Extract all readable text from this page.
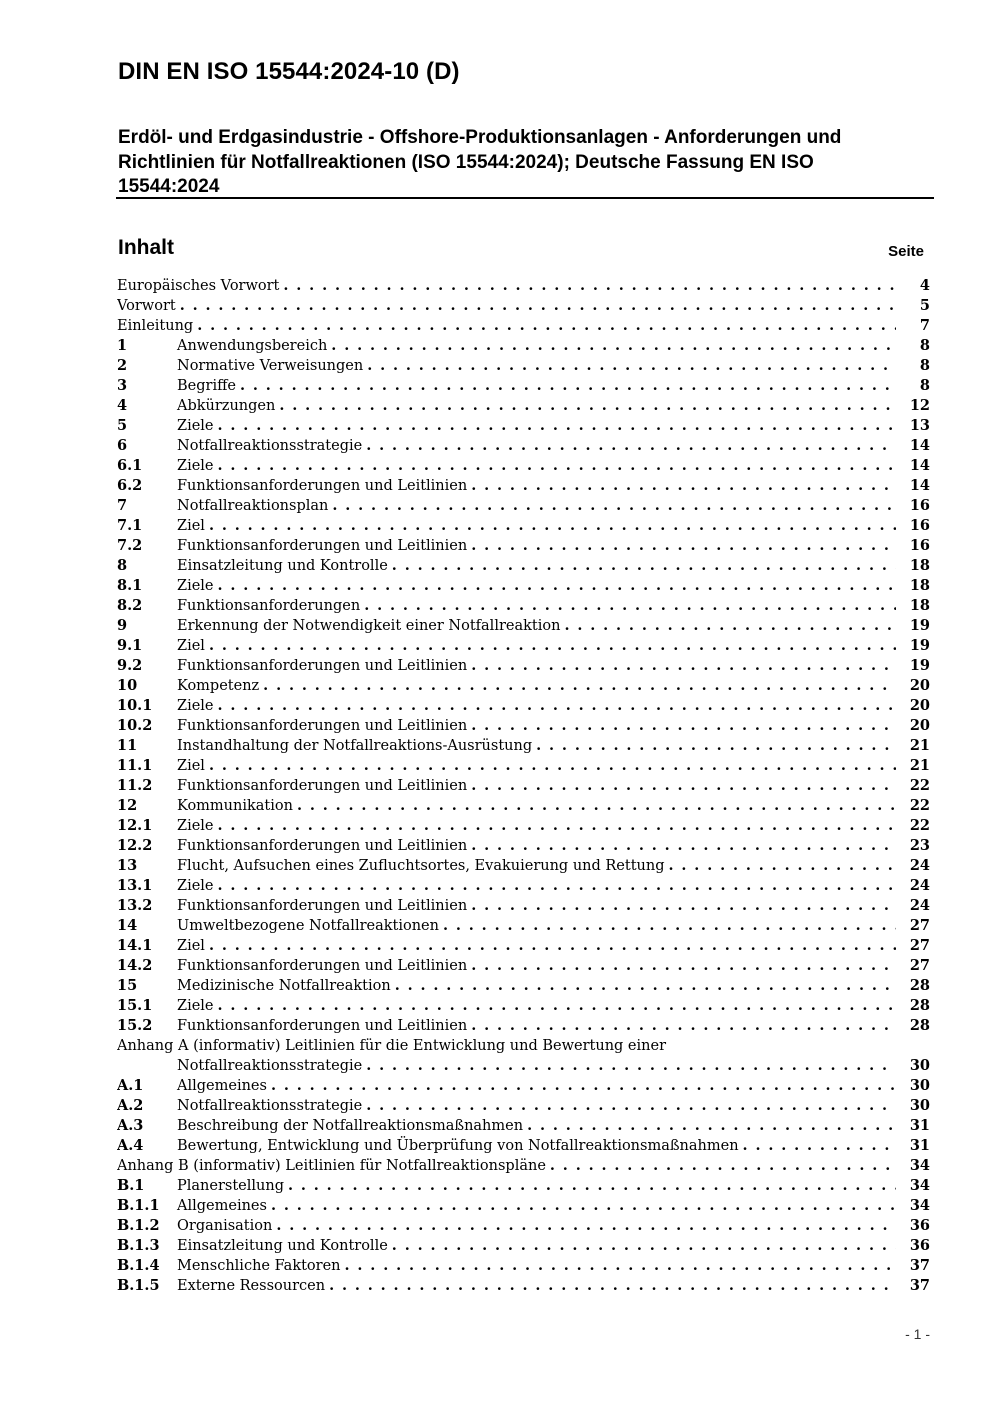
DIN EN ISO 15544:2024-10 (D)

Erdöl- und Erdgasindustrie - Offshore-Produktionsanlagen - Anforderungen und Richtlinien für Notfallreaktionen (ISO 15544:2024); Deutsche Fassung EN ISO 15544:2024

Inhalt	Seite
Europäisches Vorwort . . .	4
Vorwort . . .	5
Einleitung . . .	7
1	Anwendungsbereich . . .	8
2	Normative Verweisungen . . .	8
3	Begriffe . . .	8
4	Abkürzungen . . .	12
5	Ziele . . .	13
6	Notfallreaktionsstrategie . . .	14
6.1	Ziele . . .	14
6.2	Funktionsanforderungen und Leitlinien . . .	14
7	Notfallreaktionsplan . . .	16
7.1	Ziel . . .	16
7.2	Funktionsanforderungen und Leitlinien . . .	16
8	Einsatzleitung und Kontrolle . . .	18
8.1	Ziele . . .	18
8.2	Funktionsanforderungen . . .	18
9	Erkennung der Notwendigkeit einer Notfallreaktion . . .	19
9.1	Ziel . . .	19
9.2	Funktionsanforderungen und Leitlinien . . .	19
10	Kompetenz . . .	20
10.1	Ziele . . .	20
10.2	Funktionsanforderungen und Leitlinien . . .	20
11	Instandhaltung der Notfallreaktions-Ausrüstung . . .	21
11.1	Ziel . . .	21
11.2	Funktionsanforderungen und Leitlinien . . .	22
12	Kommunikation . . .	22
12.1	Ziele . . .	22
12.2	Funktionsanforderungen und Leitlinien . . .	23
13	Flucht, Aufsuchen eines Zufluchtsortes, Evakuierung und Rettung . . .	24
13.1	Ziele . . .	24
13.2	Funktionsanforderungen und Leitlinien . . .	24
14	Umweltbezogene Notfallreaktionen . . .	27
14.1	Ziel . . .	27
14.2	Funktionsanforderungen und Leitlinien . . .	27
15	Medizinische Notfallreaktion . . .	28
15.1	Ziele . . .	28
15.2	Funktionsanforderungen und Leitlinien . . .	28
Anhang A (informativ) Leitlinien für die Entwicklung und Bewertung einer
Notfallreaktionsstrategie . . .	30
A.1	Allgemeines . . .	30
A.2	Notfallreaktionsstrategie . . .	30
A.3	Beschreibung der Notfallreaktionsmaßnahmen . . .	31
A.4	Bewertung, Entwicklung und Überprüfung von Notfallreaktionsmaßnahmen . . .	31
Anhang B (informativ) Leitlinien für Notfallreaktionspläne . . .	34
B.1	Planerstellung . . .	34
B.1.1	Allgemeines . . .	34
B.1.2	Organisation . . .	36
B.1.3	Einsatzleitung und Kontrolle . . .	36
B.1.4	Menschliche Faktoren . . .	37
B.1.5	Externe Ressourcen . . .	37
- 1 -
